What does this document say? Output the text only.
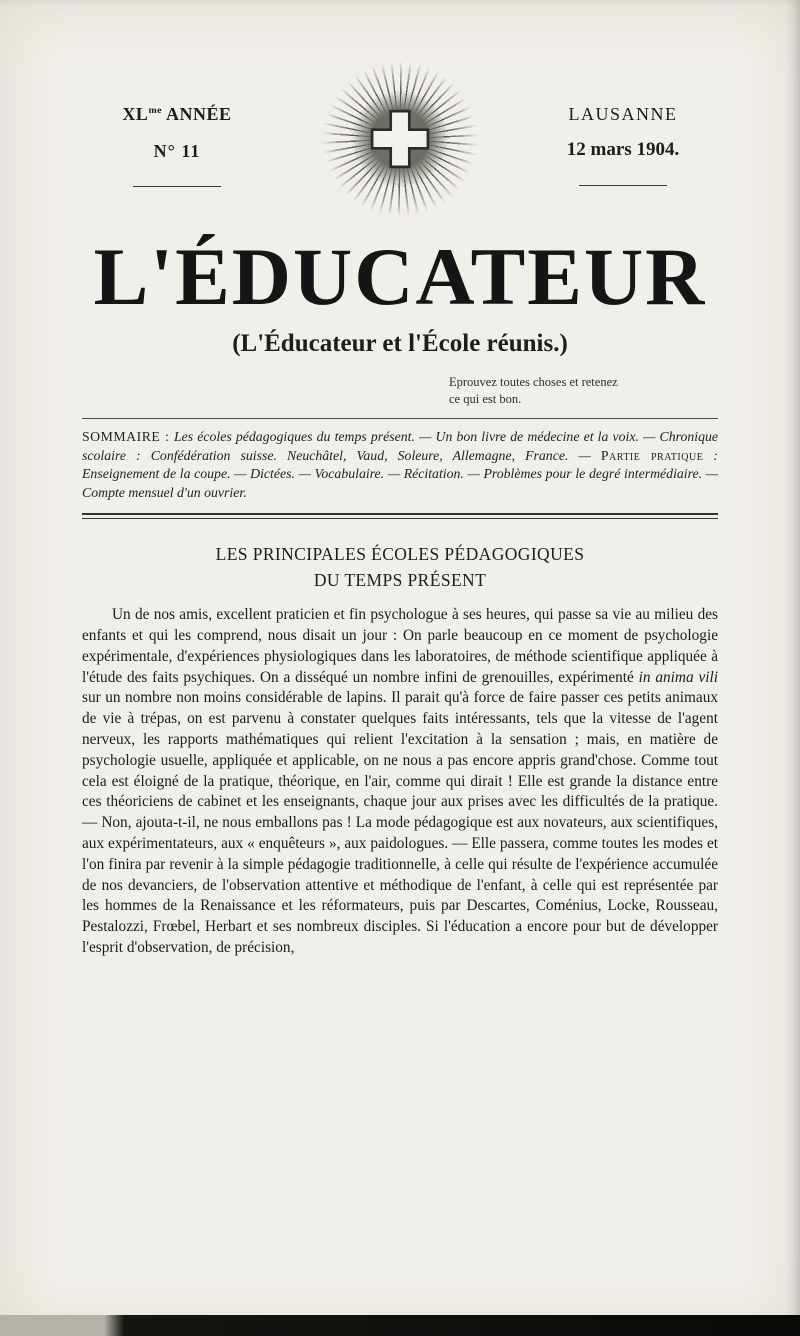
$XL^{me}$ ANNÉE
N° 11
LAUSANNE
12 mars 1904.
L'ÉDUCATEUR
(L'Éducateur et l'École réunis.)
Eprouvez toutes choses et retenez
ce qui est bon.

SOMMAIRE : Les écoles pédagogiques du temps présent. — Un bon livre de médecine et la voix. — Chronique scolaire : Confédération suisse. Neuchâtel, Vaud, Soleure, Allemagne, France. — Partie pratique : Enseignement de la coupe. — Dictées. — Vocabulaire. — Récitation. — Problèmes pour le degré intermédiaire. — Compte mensuel d'un ouvrier.

LES PRINCIPALES ÉCOLES PÉDAGOGIQUES
DU TEMPS PRÉSENT

Un de nos amis, excellent praticien et fin psychologue à ses heures, qui passe sa vie au milieu des enfants et qui les comprend, nous disait un jour : On parle beaucoup en ce moment de psychologie expérimentale, d'expériences physiologiques dans les laboratoires, de méthode scientifique appliquée à l'étude des faits psychiques. On a disséqué un nombre infini de grenouilles, expérimenté in anima vili sur un nombre non moins considérable de lapins. Il parait qu'à force de faire passer ces petits animaux de vie à trépas, on est parvenu à constater quelques faits intéressants, tels que la vitesse de l'agent nerveux, les rapports mathématiques qui relient l'excitation à la sensation ; mais, en matière de psychologie usuelle, appliquée et applicable, on ne nous a pas encore appris grand'chose. Comme tout cela est éloigné de la pratique, théorique, en l'air, comme qui dirait ! Elle est grande la distance entre ces théoriciens de cabinet et les enseignants, chaque jour aux prises avec les difficultés de la pratique. — Non, ajouta-t-il, ne nous emballons pas ! La mode pédagogique est aux novateurs, aux scientifiques, aux expérimentateurs, aux « enquêteurs », aux paidologues. — Elle passera, comme toutes les modes et l'on finira par revenir à la simple pédagogie traditionnelle, à celle qui résulte de l'expérience accumulée de nos devanciers, de l'observation attentive et méthodique de l'enfant, à celle qui est représentée par les hommes de la Renaissance et les réformateurs, puis par Descartes, Coménius, Locke, Rousseau, Pestalozzi, Frœbel, Herbart et ses nombreux disciples. Si l'éducation a encore pour but de développer l'esprit d'observation, de précision,
